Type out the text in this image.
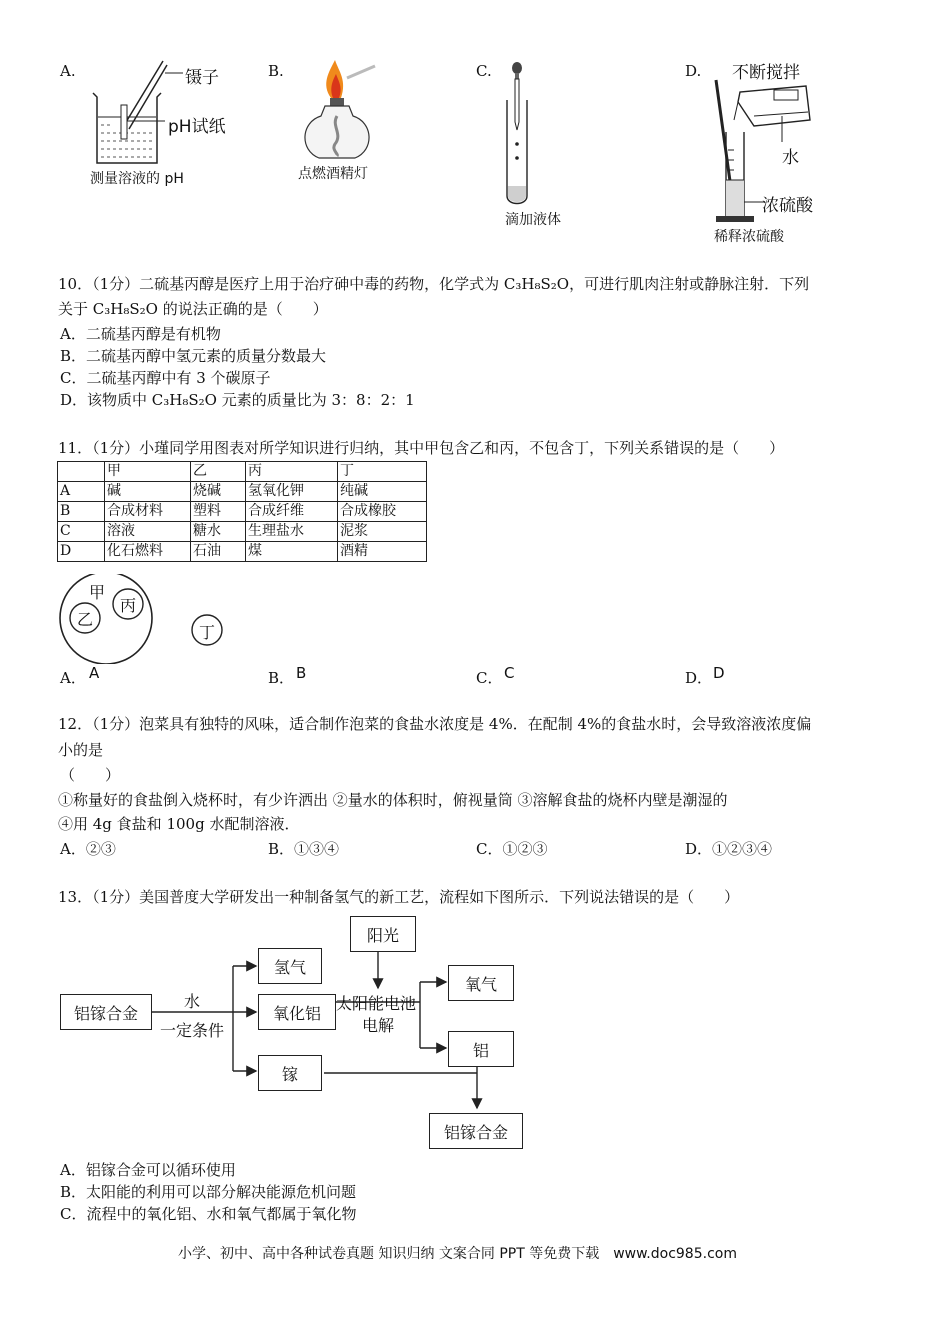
A.	镊子
pH试纸
测量溶液的 pH
B.
点燃酒精灯
C.
滴加液体
D. 不断搅拌
水
浓硫酸
稀释浓硫酸
10．（1分）二硫基丙醇是医疗上用于治疗砷中毒的药物，化学式为 C₃H₈S₂O，可进行肌肉注射或静脉注射．下列
关于 C₃H₈S₂O 的说法正确的是（　　）
A．二硫基丙醇是有机物
B．二硫基丙醇中氢元素的质量分数最大
C．二硫基丙醇中有 3 个碳原子
D．该物质中 C₃H₈S₂O 元素的质量比为 3：8：2：1
11．（1分）小瑾同学用图表对所学知识进行归纳，其中甲包含乙和丙，不包含丁，下列关系错误的是（　　）
	甲	乙	丙	丁
A	碱	烧碱	氢氧化钾	纯碱
B	合成材料	塑料	合成纤维	合成橡胶
C	溶液	糖水	生理盐水	泥浆
D	化石燃料	石油	煤	酒精
甲
乙
丙
丁
A． A	B． B	C． C	D． D
12．（1分）泡菜具有独特的风味，适合制作泡菜的食盐水浓度是 4%．在配制 4%的食盐水时，会导致溶液浓度偏
小的是
（　　）
①称量好的食盐倒入烧杯时，有少许洒出 ②量水的体积时，俯视量筒 ③溶解食盐的烧杯内壁是潮湿的
④用 4g 食盐和 100g 水配制溶液．
A．②③	B．①③④	C．①②③	D．①②③④
13．（1分）美国普度大学研发出一种制备氢气的新工艺，流程如下图所示．下列说法错误的是（　　）
铝镓合金
水
一定条件
氢气
氧化铝
镓
阳光
太阳能电池
电解
氧气
铝
铝镓合金
A．铝镓合金可以循环使用
B．太阳能的利用可以部分解决能源危机问题
C．流程中的氧化铝、水和氧气都属于氧化物
小学、初中、高中各种试卷真题 知识归纳 文案合同 PPT 等免费下载　www.doc985.com
